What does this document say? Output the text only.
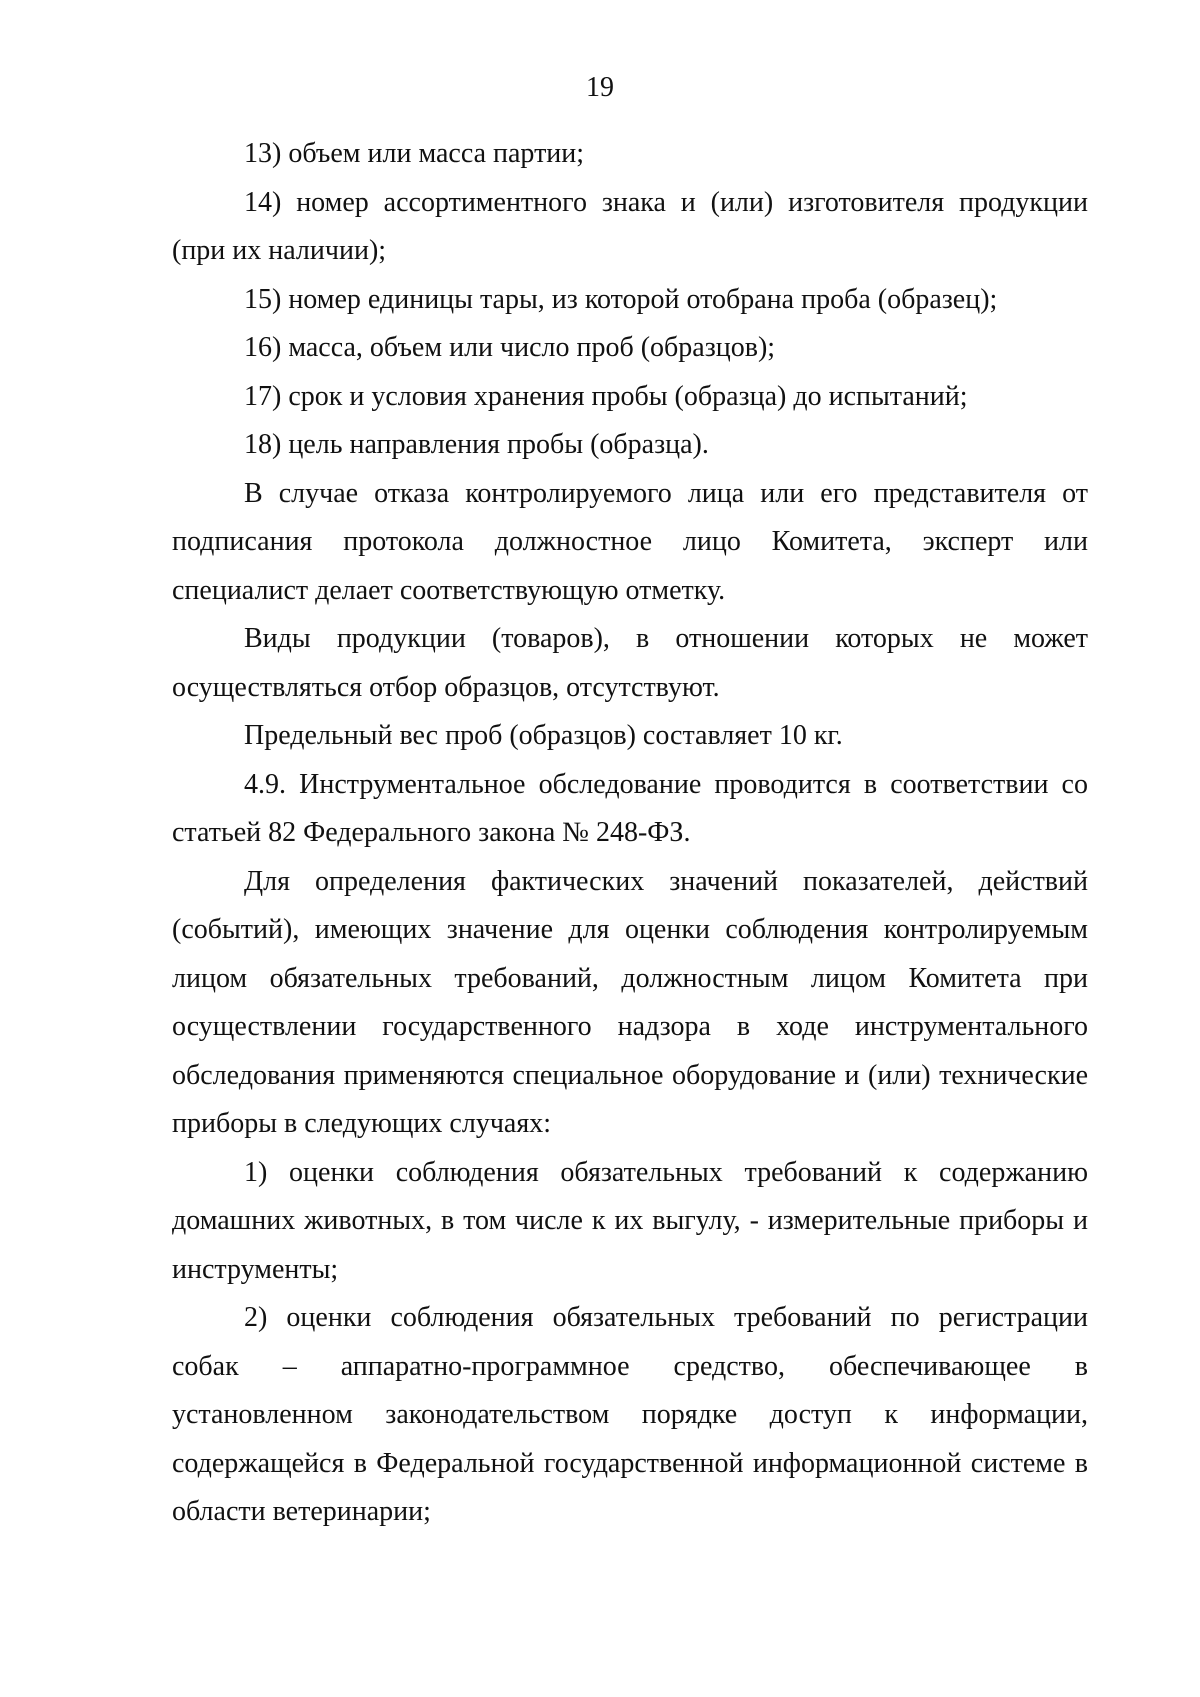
19

13) объем или масса партии;

14) номер ассортиментного знака и (или) изготовителя продукции (при их наличии);

15) номер единицы тары, из которой отобрана проба (образец);

16) масса, объем или число проб (образцов);

17) срок и условия хранения пробы (образца) до испытаний;

18) цель направления пробы (образца).

В случае отказа контролируемого лица или его представителя от подписания протокола должностное лицо Комитета, эксперт или специалист делает соответствующую отметку.

Виды продукции (товаров), в отношении которых не может осуществляться отбор образцов, отсутствуют.

Предельный вес проб (образцов) составляет 10 кг.

4.9. Инструментальное обследование проводится в соответствии со статьей 82 Федерального закона № 248-ФЗ.

Для определения фактических значений показателей, действий (событий), имеющих значение для оценки соблюдения контролируемым лицом обязательных требований, должностным лицом Комитета при осуществлении государственного надзора в ходе инструментального обследования применяются специальное оборудование и (или) технические приборы в следующих случаях:

1) оценки соблюдения обязательных требований к содержанию домашних животных, в том числе к их выгулу, - измерительные приборы и инструменты;

2) оценки соблюдения обязательных требований по регистрации собак – аппаратно-программное средство, обеспечивающее в установленном законодательством порядке доступ к информации, содержащейся в Федеральной государственной информационной системе в области ветеринарии;
